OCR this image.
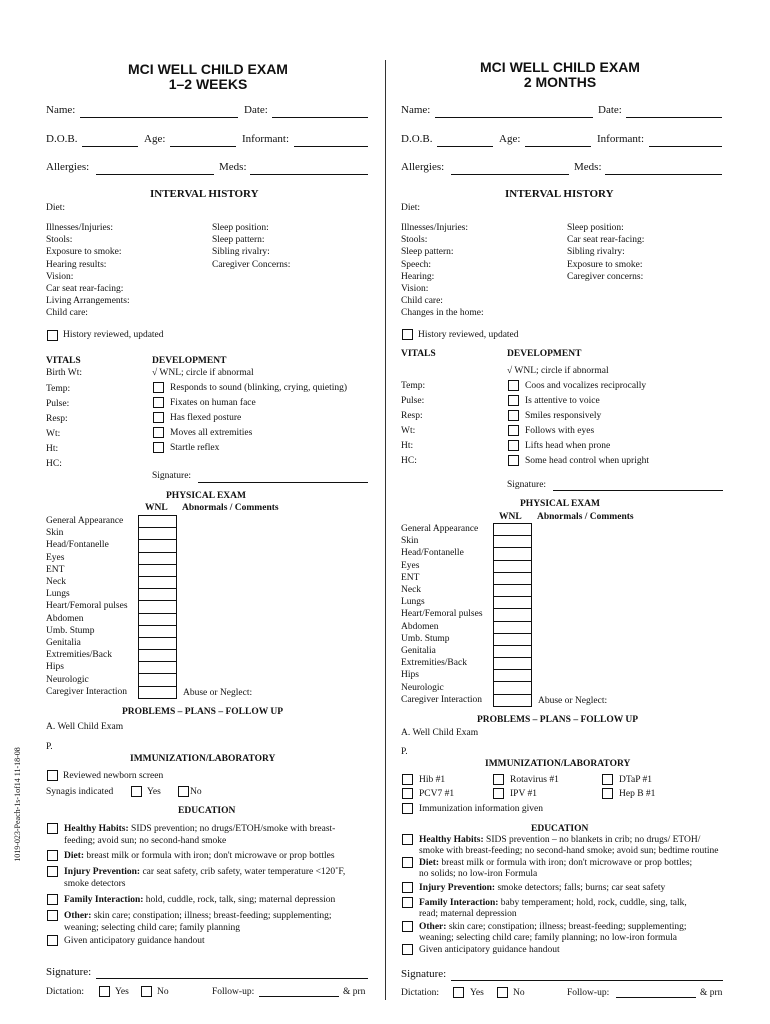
1019-023-Peach-1s-1of14 11-18-08
MCI WELL CHILD EXAM
1–2 WEEKS
Name:	Date:
D.O.B.	Age:	Informant:
Allergies:	Meds:
INTERVAL HISTORY
Diet:
Illnesses/Injuries:
Stools:
Exposure to smoke:
Hearing results:
Vision:
Car seat rear-facing:
Living Arrangements:
Child care:
Sleep position:
Sleep pattern:
Sibling rivalry:
Caregiver Concerns:
History reviewed, updated
VITALS
Birth Wt:
Temp:
Pulse:
Resp:
Wt:
Ht:
HC:
DEVELOPMENT
√ WNL; circle if abnormal
Responds to sound (blinking, crying, quieting)
Fixates on human face
Has flexed posture
Moves all extremities
Startle reflex
Signature:
PHYSICAL EXAM
WNL Abnormals / Comments
General Appearance
Skin
Head/Fontanelle
Eyes
ENT
Neck
Lungs
Heart/Femoral pulses
Abdomen
Umb. Stump
Genitalia
Extremities/Back
Hips
Neurologic
Caregiver Interaction	Abuse or Neglect:
PROBLEMS – PLANS – FOLLOW UP
A. Well Child Exam
P.
IMMUNIZATION/LABORATORY
Reviewed newborn screen
Synagis indicated	Yes	No
EDUCATION
Healthy Habits: SIDS prevention; no drugs/ETOH/smoke with breast-
feeding; avoid sun; no second-hand smoke
Diet: breast milk or formula with iron; don't microwave or prop bottles
Injury Prevention: car seat safety, crib safety, water temperature <120˚F,
smoke detectors
Family Interaction: hold, cuddle, rock, talk, sing; maternal depression
Other: skin care; constipation; illness; breast-feeding; supplementing;
weaning; selecting child care; family planning
Given anticipatory guidance handout
Signature:
Dictation:	Yes	No	Follow-up:	& prn
MCI WELL CHILD EXAM
2 MONTHS
Name:	Date:
D.O.B.	Age:	Informant:
Allergies:	Meds:
INTERVAL HISTORY
Diet:
Illnesses/Injuries:
Stools:
Sleep pattern:
Speech:
Hearing:
Vision:
Child care:
Changes in the home:
Sleep position:
Car seat rear-facing:
Sibling rivalry:
Exposure to smoke:
Caregiver concerns:
History reviewed, updated
VITALS
Temp:
Pulse:
Resp:
Wt:
Ht:
HC:
DEVELOPMENT
√ WNL; circle if abnormal
Coos and vocalizes reciprocally
Is attentive to voice
Smiles responsively
Follows with eyes
Lifts head when prone
Some head control when upright
Signature:
PHYSICAL EXAM
WNL Abnormals / Comments
General Appearance
Skin
Head/Fontanelle
Eyes
ENT
Neck
Lungs
Heart/Femoral pulses
Abdomen
Umb. Stump
Genitalia
Extremities/Back
Hips
Neurologic
Caregiver Interaction	Abuse or Neglect:
PROBLEMS – PLANS – FOLLOW UP
A. Well Child Exam
P.
IMMUNIZATION/LABORATORY
Hib #1	Rotavirus #1	DTaP #1
PCV7 #1	IPV #1	Hep B #1
Immunization information given
EDUCATION
Healthy Habits: SIDS prevention – no blankets in crib; no drugs/ ETOH/
smoke with breast-feeding; no second-hand smoke; avoid sun; bedtime routine
Diet: breast milk or formula with iron; don't microwave or prop bottles;
no solids; no low-iron Formula
Injury Prevention: smoke detectors; falls; burns; car seat safety
Family Interaction: baby temperament; hold, rock, cuddle, sing, talk,
read; maternal depression
Other: skin care; constipation; illness; breast-feeding; supplementing;
weaning; selecting child care; family planning; no low-iron formula
Given anticipatory guidance handout
Signature:
Dictation:	Yes	No	Follow-up:	& prn
